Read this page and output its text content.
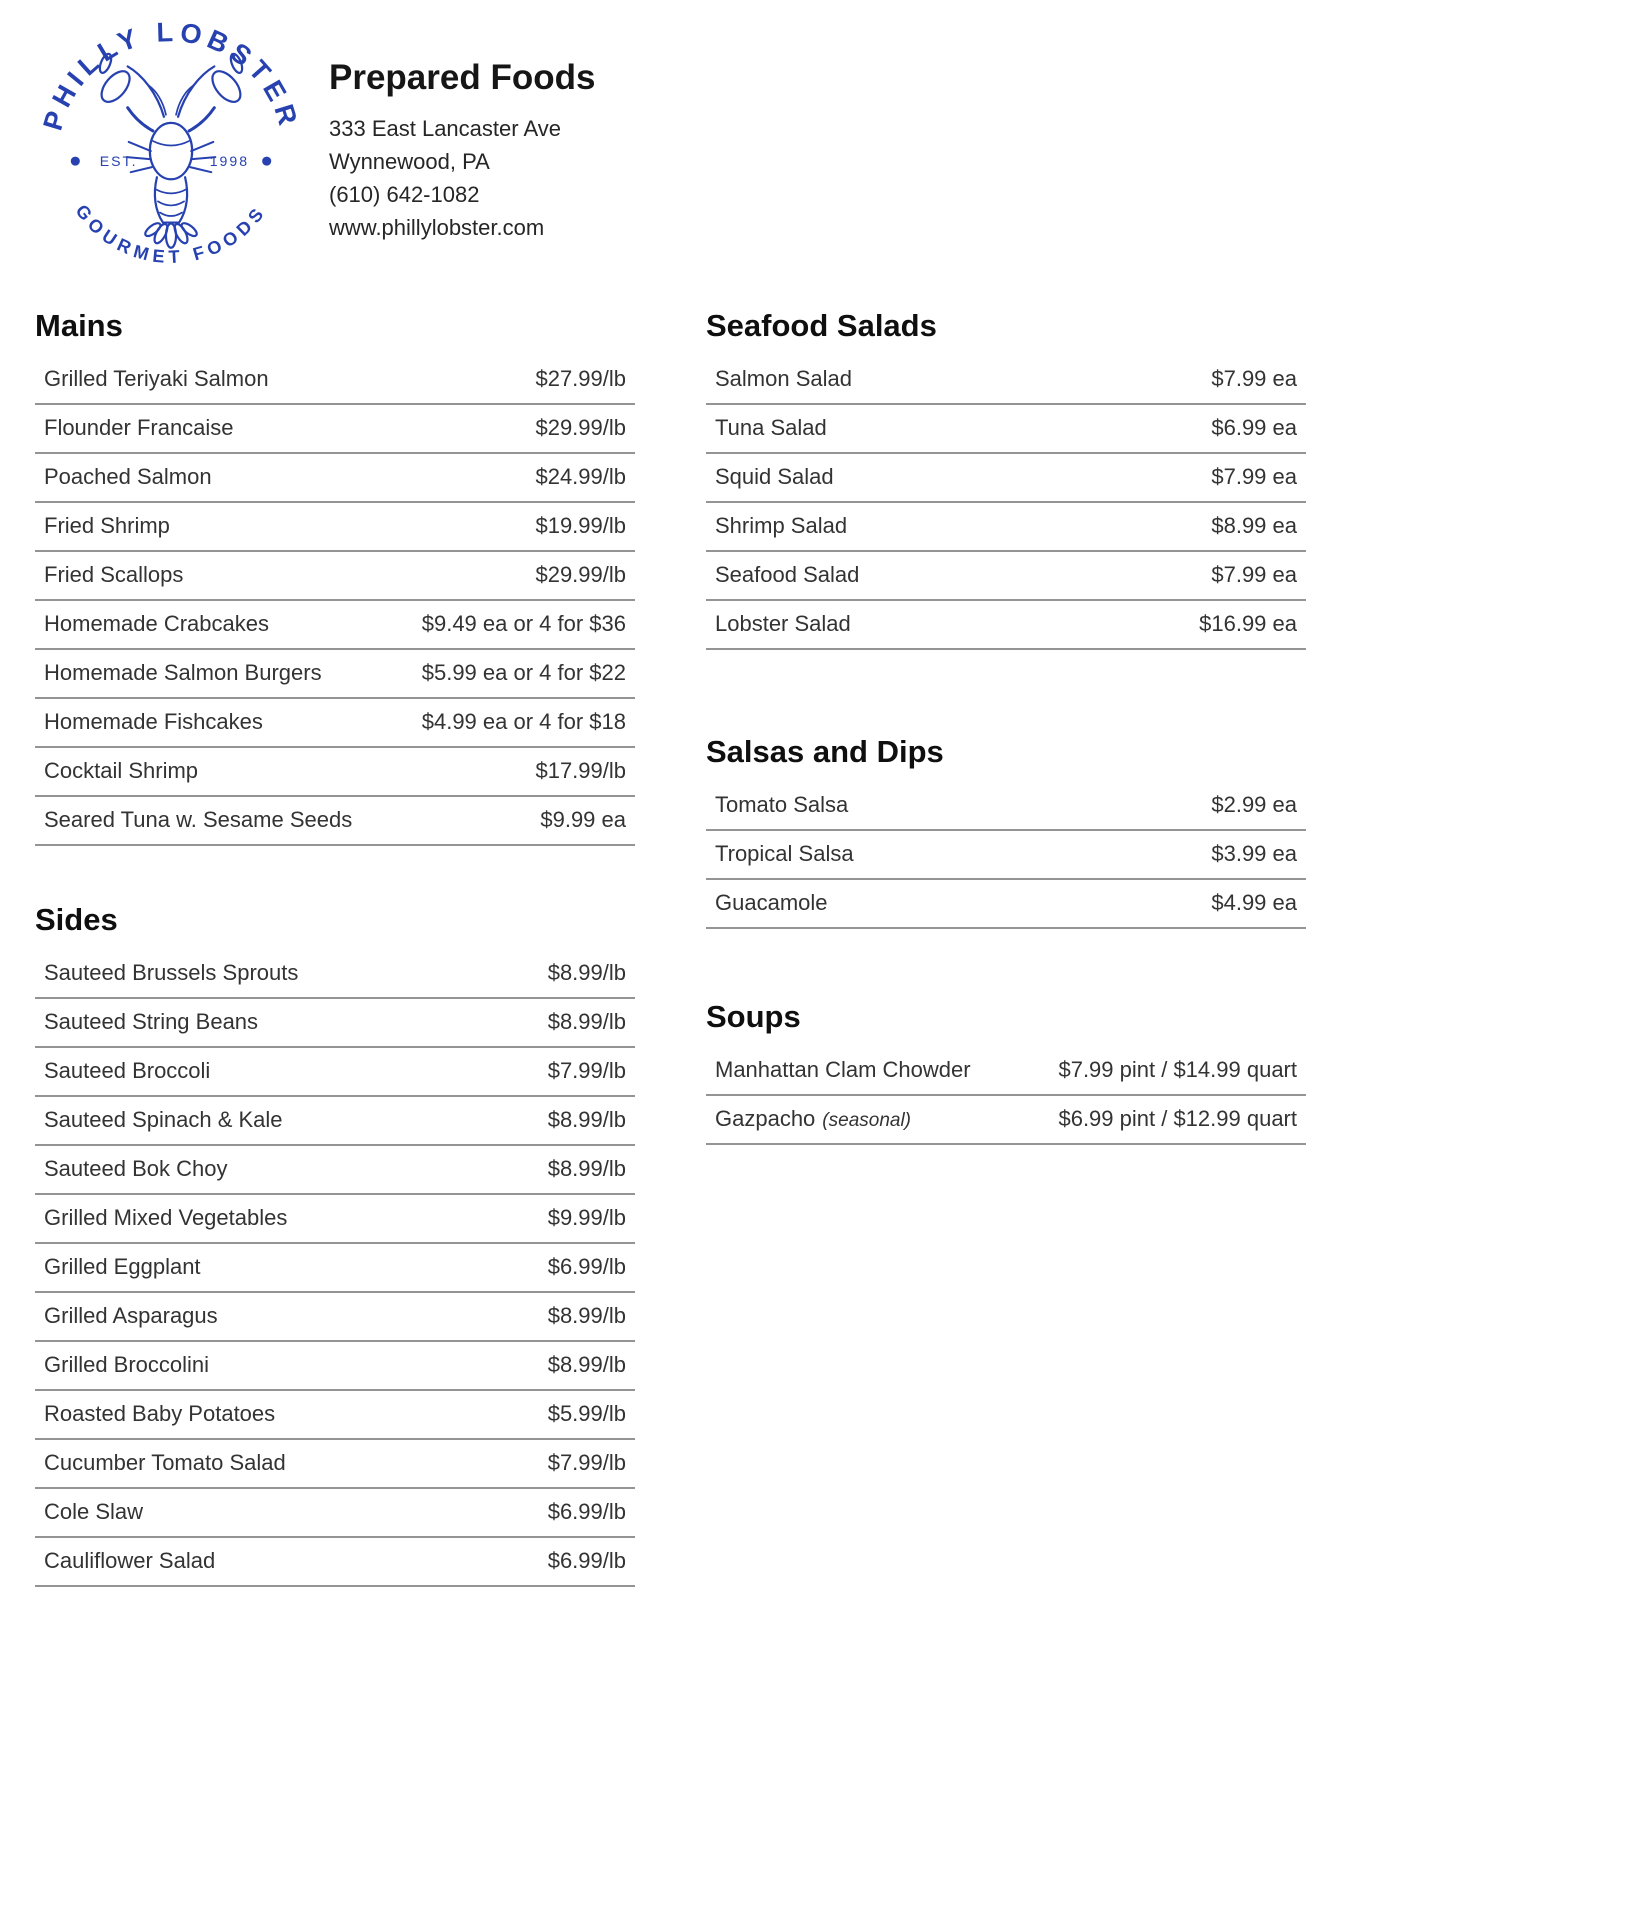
PHILLY LOBSTER
GOURMET FOODS
EST.	1998
Prepared Foods
333 East Lancaster Ave
Wynnewood, PA
(610) 642-1082
www.phillylobster.com
Mains
Grilled Teriyaki Salmon	$27.99/lb
Flounder Francaise	$29.99/lb
Poached Salmon	$24.99/lb
Fried Shrimp	$19.99/lb
Fried Scallops	$29.99/lb
Homemade Crabcakes	$9.49 ea or 4 for $36
Homemade Salmon Burgers	$5.99 ea or 4 for $22
Homemade Fishcakes	$4.99 ea or 4 for $18
Cocktail Shrimp	$17.99/lb
Seared Tuna w. Sesame Seeds	$9.99 ea
Sides
Sauteed Brussels Sprouts	$8.99/lb
Sauteed String Beans	$8.99/lb
Sauteed Broccoli	$7.99/lb
Sauteed Spinach & Kale	$8.99/lb
Sauteed Bok Choy	$8.99/lb
Grilled Mixed Vegetables	$9.99/lb
Grilled Eggplant	$6.99/lb
Grilled Asparagus	$8.99/lb
Grilled Broccolini	$8.99/lb
Roasted Baby Potatoes	$5.99/lb
Cucumber Tomato Salad	$7.99/lb
Cole Slaw	$6.99/lb
Cauliflower Salad	$6.99/lb
Seafood Salads
Salmon Salad	$7.99 ea
Tuna Salad	$6.99 ea
Squid Salad	$7.99 ea
Shrimp Salad	$8.99 ea
Seafood Salad	$7.99 ea
Lobster Salad	$16.99 ea
Salsas and Dips
Tomato Salsa	$2.99 ea
Tropical Salsa	$3.99 ea
Guacamole	$4.99 ea
Soups
Manhattan Clam Chowder	$7.99 pint / $14.99 quart
Gazpacho (seasonal)	$6.99 pint / $12.99 quart
